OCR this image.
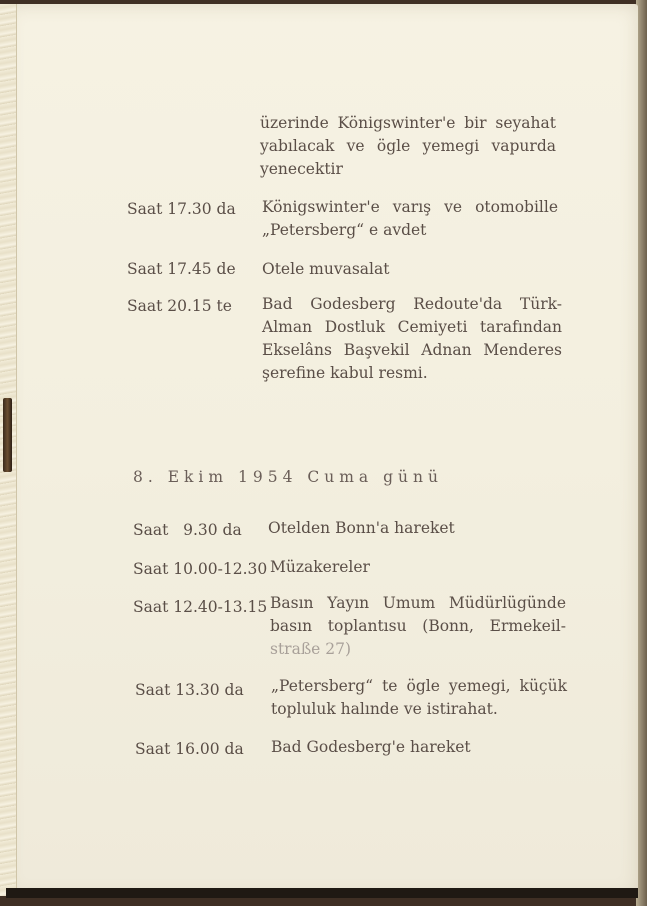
üzerinde Königswinter'e bir seyahat
yabılacak ve ögle yemegi vapurda
yenecektir
Saat 17.30 da Königswinter'e varış ve otomobille
„Petersberg“ e avdet
Saat 17.45 de Otele muvasalat
Saat 20.15 te Bad Godesberg Redoute'da Türk-
Alman Dostluk Cemiyeti tarafından
Ekselâns Başvekil Adnan Menderes
şerefine kabul resmi.
8. Ekim 1954 Cuma günü
Saat   9.30 da Otelden Bonn'a hareket
Saat 10.00-12.30 Müzakereler
Saat 12.40-13.15 Basın Yayın Umum Müdürlügünde
basın toplantısu (Bonn, Ermekeil-
straße 27)
Saat 13.30 da „Petersberg“ te ögle yemegi, küçük
topluluk halınde ve istirahat.
Saat 16.00 da Bad Godesberg'e hareket
